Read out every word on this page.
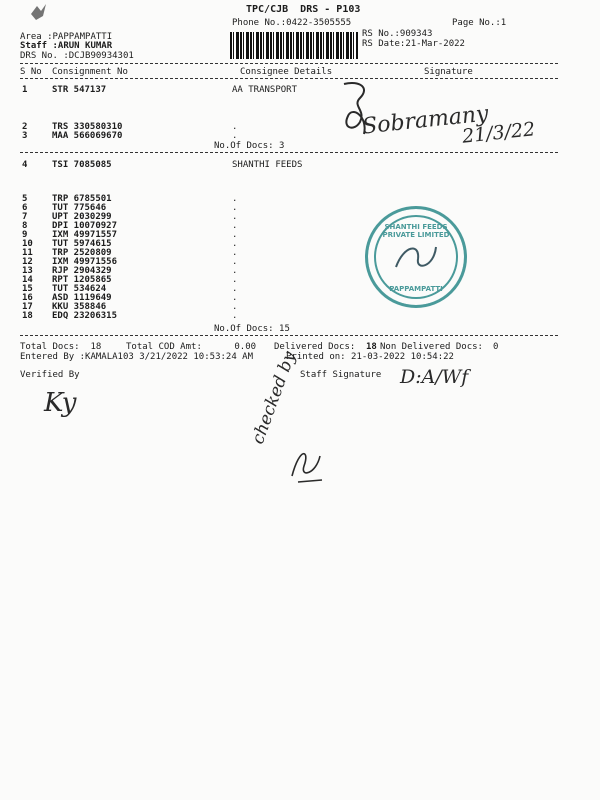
TPC/CJB  DRS - P103
Phone No.:0422-3505555	Page No.:1
Area :PAPPAMPATTI
Staff :ARUN KUMAR
DRS No. :DCJB90934301
RS No.:909343
RS Date:21-Mar-2022
S No Consignment No	Consignee Details	Signature
1	STR 547137	AA TRANSPORT
2	TRS 330580310	.
3	MAA 566069670	.
No.Of Docs: 3
4	TSI 7085085	SHANTHI FEEDS
5	TRP 6785501	.
6	TUT 775646	.
7	UPT 2030299	.
8	DPI 10070927	.
9	IXM 49971557	.
10 TUT 5974615	.
11 TRP 2520809	.
12 IXM 49971556	.
13 RJP 2904329	.
14 RPT 1205865	.
15 TUT 534624	.
16 ASD 1119649	.
17 KKU 358846	.
18 EDQ 23206315	.
No.Of Docs: 15
Total Docs:  18	Total COD Amt:      0.00 Delivered Docs: 18 Non Delivered Docs: 0
Entered By :KAMALA103 3/21/2022 10:53:24 AM	Printed on: 21-03-2022 10:54:22
Verified By	Staff Signature
Sobramany
21/3/22
D:A/Wf
Ky	checked by
SHANTHI FEEDS PRIVATE LIMITED
PAPPAMPATTI
